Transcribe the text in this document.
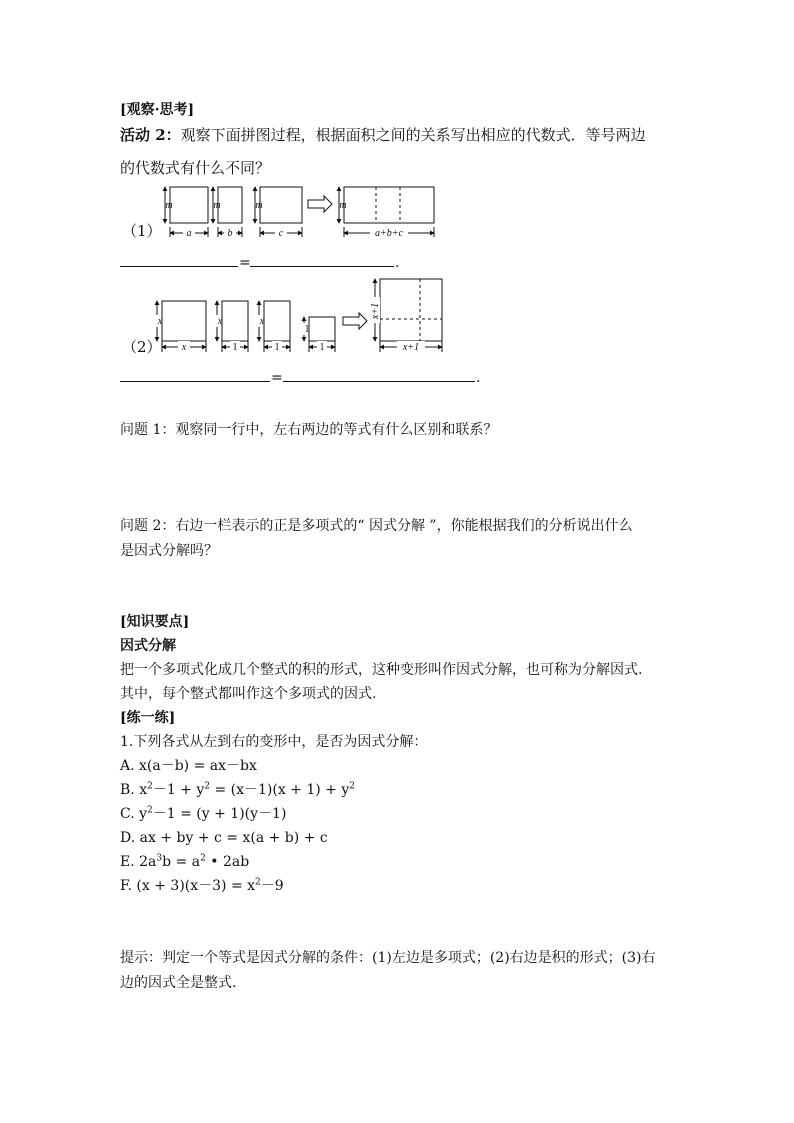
[观察·思考]
活动 2：观察下面拼图过程，根据面积之间的关系写出相应的代数式．等号两边
的代数式有什么不同？
m	m	m	m
a	b	c	a+b+c
（1）
=	.
x	x	x
1
x+1
x	1	1	1	x+1
（2）
=	.
问题 1：观察同一行中，左右两边的等式有什么区别和联系？
问题 2：右边一栏表示的正是多项式的“ 因式分解 ”，你能根据我们的分析说出什么
是因式分解吗？
[知识要点]
因式分解
把一个多项式化成几个整式的积的形式，这种变形叫作因式分解，也可称为分解因式.
其中，每个整式都叫作这个多项式的因式.
[练一练]
1.下列各式从左到右的变形中，是否为因式分解：
A. x(a－b) = ax－bx
B. $x^2-1 + y^2 = (x-1)(x + 1) + y^2$
C. $y^2-1 = (y + 1)(y-1)$
D. ax + by + c = x(a + b) + c
E. $2a^3b = a^2$ • 2ab
F. $(x + 3)(x-3) = x^2-9$
提示：判定一个等式是因式分解的条件：(1)左边是多项式；(2)右边是积的形式；(3)右
边的因式全是整式.
